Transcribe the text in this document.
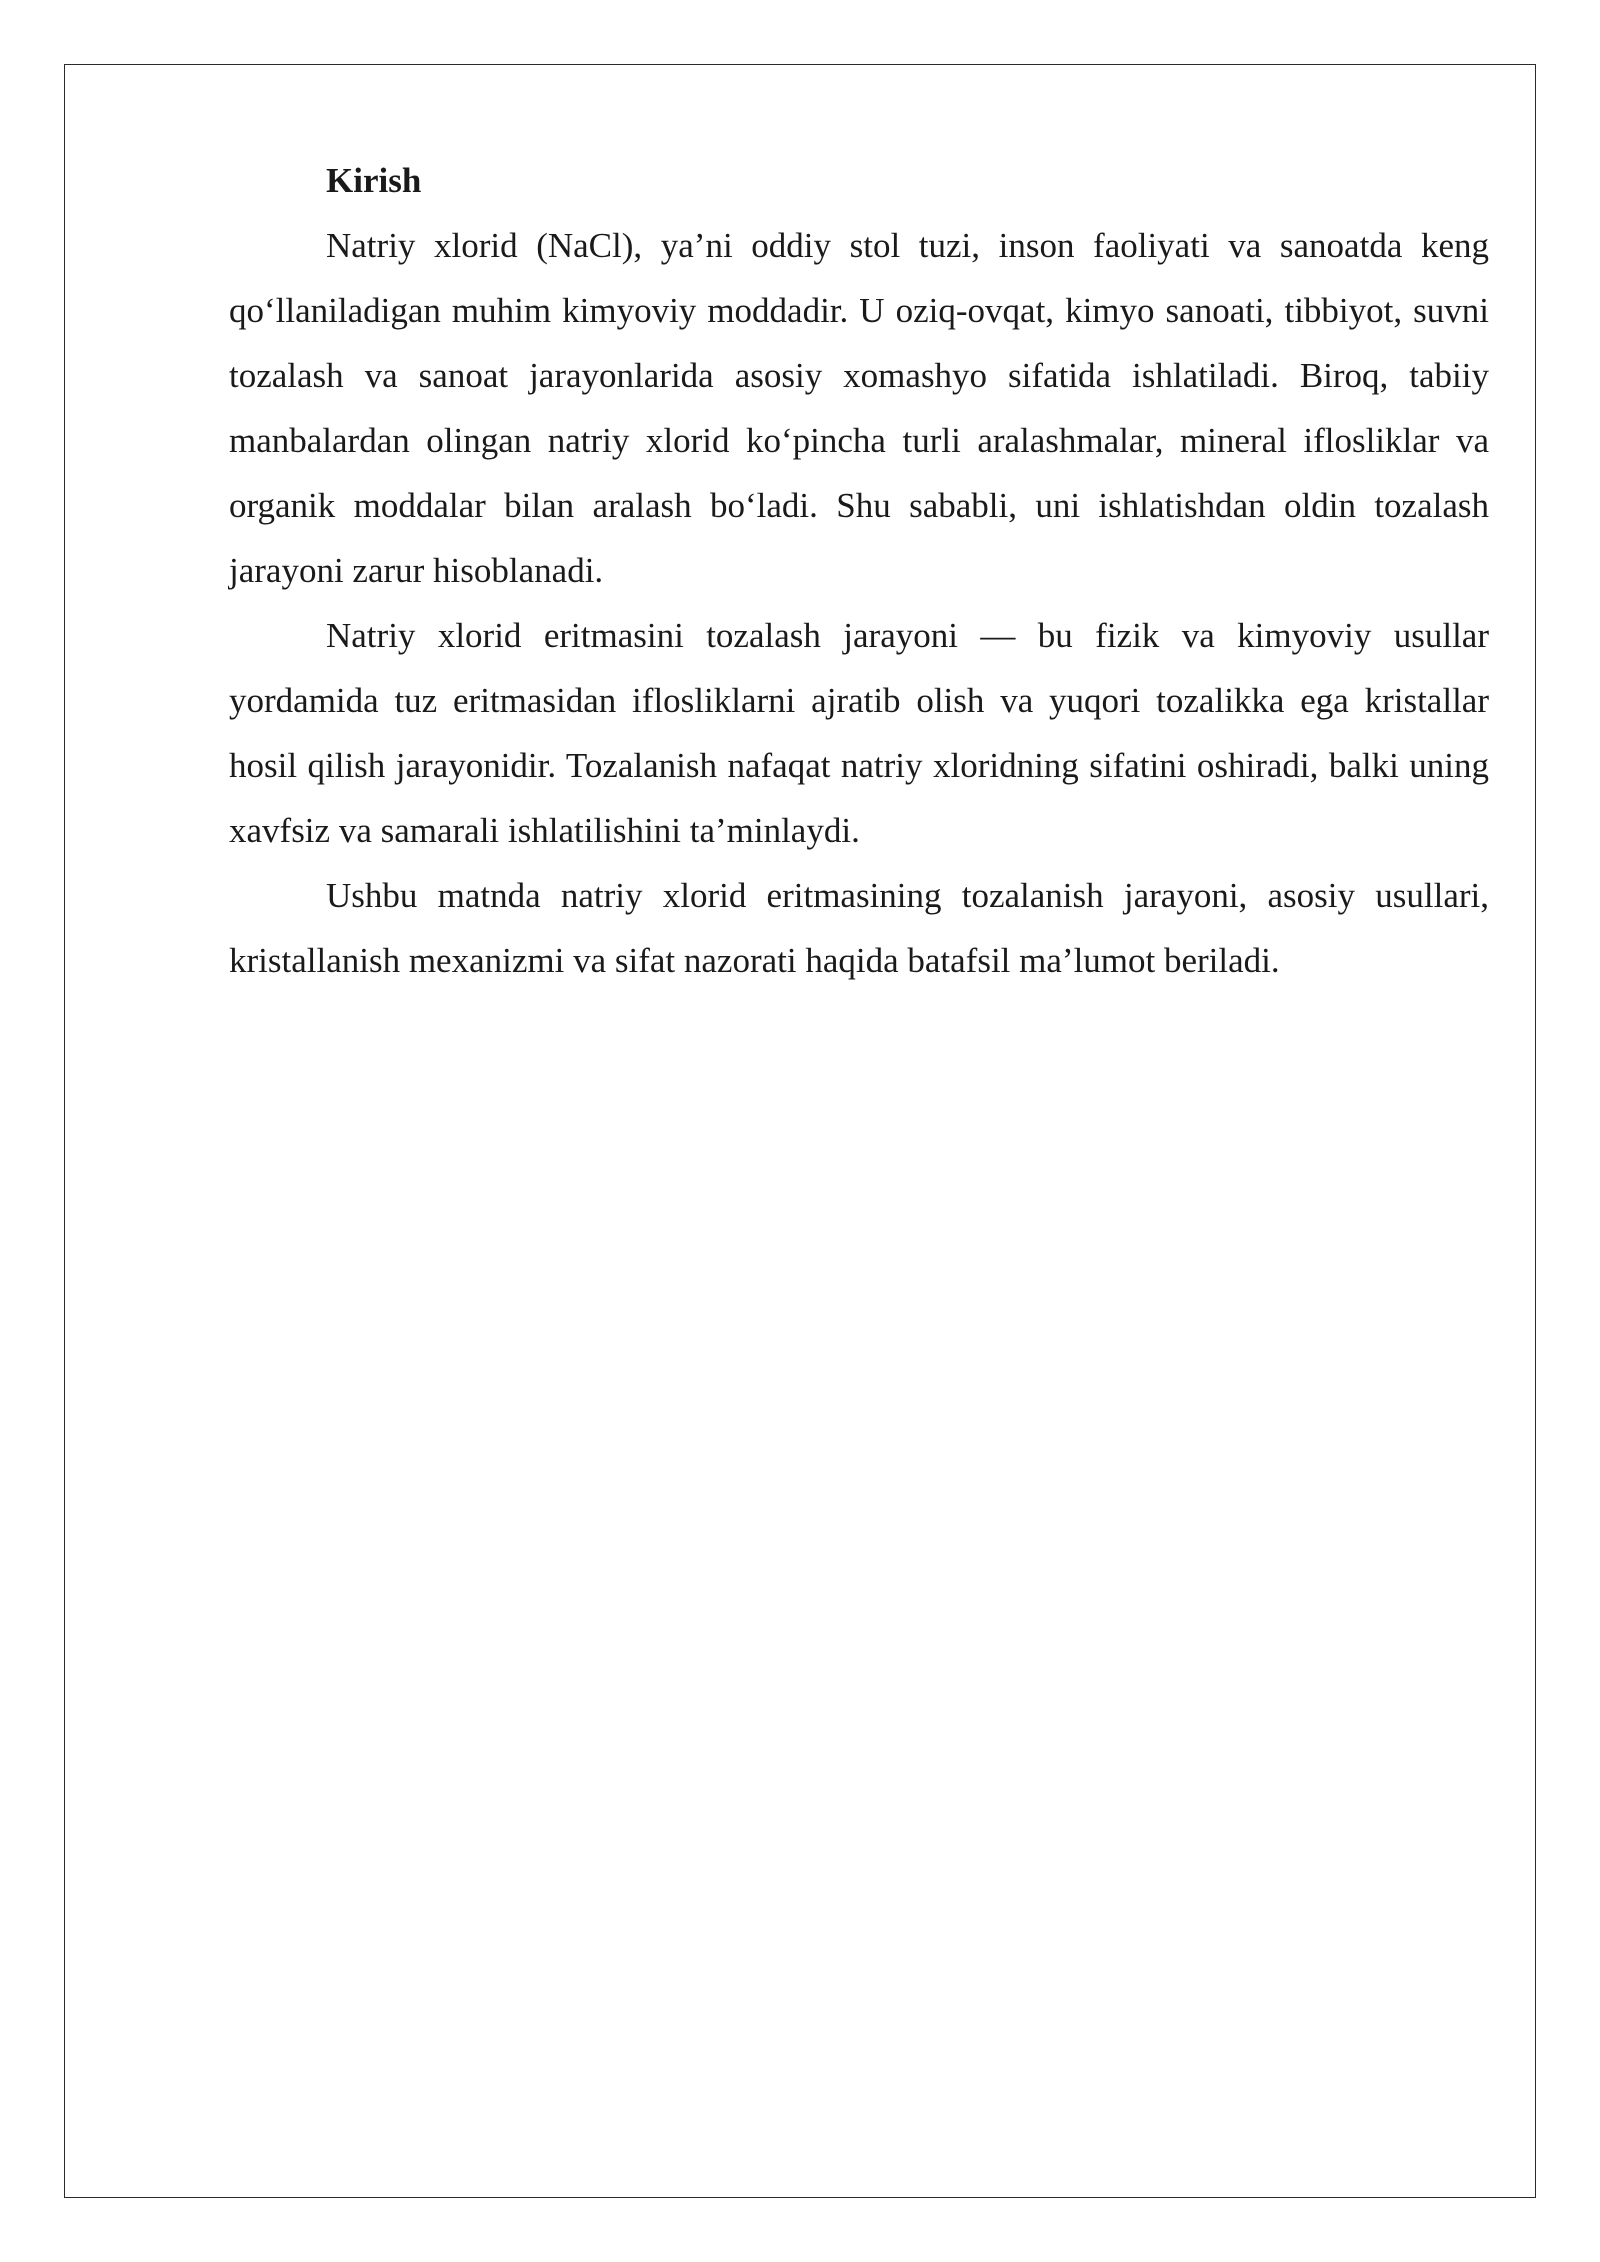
Kirish

Natriy xlorid (NaCl), ya’ni oddiy stol tuzi, inson faoliyati va sanoatda keng qo‘llaniladigan muhim kimyoviy moddadir. U oziq-ovqat, kimyo sanoati, tibbiyot, suvni tozalash va sanoat jarayonlarida asosiy xomashyo sifatida ishlatiladi. Biroq, tabiiy manbalardan olingan natriy xlorid ko‘pincha turli aralashmalar, mineral iflosliklar va organik moddalar bilan aralash bo‘ladi. Shu sababli, uni ishlatishdan oldin tozalash jarayoni zarur hisoblanadi.

Natriy xlorid eritmasini tozalash jarayoni — bu fizik va kimyoviy usullar yordamida tuz eritmasidan iflosliklarni ajratib olish va yuqori tozalikka ega kristallar hosil qilish jarayonidir. Tozalanish nafaqat natriy xloridning sifatini oshiradi, balki uning xavfsiz va samarali ishlatilishini ta’minlaydi.

Ushbu matnda natriy xlorid eritmasining tozalanish jarayoni, asosiy usullari, kristallanish mexanizmi va sifat nazorati haqida batafsil ma’lumot beriladi.
